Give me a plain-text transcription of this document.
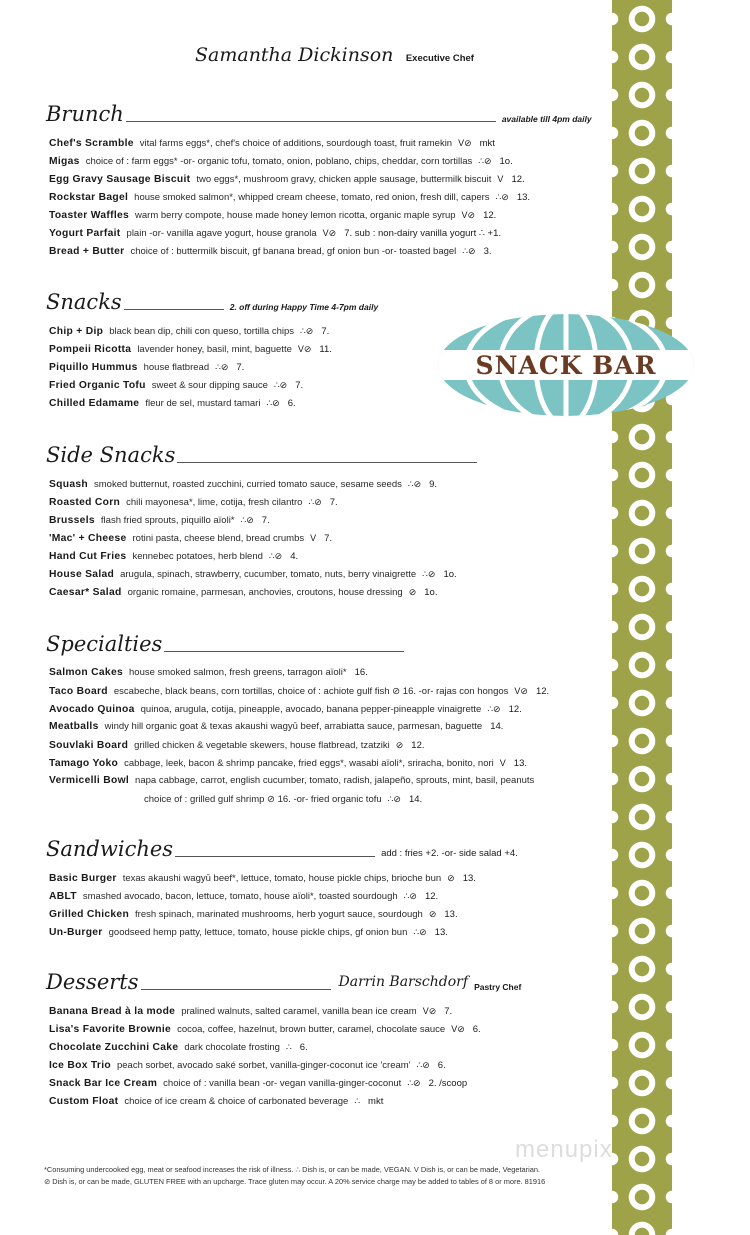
Samantha Dickinson Executive Chef
SNACK BAR
Brunch	available till 4pm daily
Chef's Scramble vital farms eggs*, chef's choice of additions, sourdough toast, fruit ramekin V⊘ mkt
Migas choice of : farm eggs* -or- organic tofu, tomato, onion, poblano, chips, cheddar, corn tortillas ∴⊘ 1o.
Egg Gravy Sausage Biscuit two eggs*, mushroom gravy, chicken apple sausage, buttermilk biscuit V 12.
Rockstar Bagel house smoked salmon*, whipped cream cheese, tomato, red onion, fresh dill, capers ∴⊘ 13.
Toaster Waffles warm berry compote, house made honey lemon ricotta, organic maple syrup V⊘ 12.
Yogurt Parfait plain -or- vanilla agave yogurt, house granola V⊘ 7. sub : non-dairy vanilla yogurt ∴ +1.
Bread + Butter choice of : buttermilk biscuit, gf banana bread, gf onion bun -or- toasted bagel ∴⊘ 3.
Snacks	2. off during Happy Time 4-7pm daily
Chip + Dip black bean dip, chili con queso, tortilla chips ∴⊘ 7.
Pompeii Ricotta lavender honey, basil, mint, baguette V⊘ 11.
Piquillo Hummus house flatbread ∴⊘ 7.
Fried Organic Tofu sweet & sour dipping sauce ∴⊘ 7.
Chilled Edamame fleur de sel, mustard tamari ∴⊘ 6.
Side Snacks
Squash smoked butternut, roasted zucchini, curried tomato sauce, sesame seeds ∴⊘ 9.
Roasted Corn chili mayonesa*, lime, cotija, fresh cilantro ∴⊘ 7.
Brussels flash fried sprouts, piquillo aïoli* ∴⊘ 7.
'Mac' + Cheese rotini pasta, cheese blend, bread crumbs V 7.
Hand Cut Fries kennebec potatoes, herb blend ∴⊘ 4.
House Salad arugula, spinach, strawberry, cucumber, tomato, nuts, berry vinaigrette ∴⊘ 1o.
Caesar* Salad organic romaine, parmesan, anchovies, croutons, house dressing ⊘ 1o.
Specialties
Salmon Cakes house smoked salmon, fresh greens, tarragon aïoli* 16.
Taco Board escabeche, black beans, corn tortillas, choice of : achiote gulf fish ⊘ 16. -or- rajas con hongos V⊘ 12.
Avocado Quinoa quinoa, arugula, cotija, pineapple, avocado, banana pepper-pineapple vinaigrette ∴⊘ 12.
Meatballs windy hill organic goat & texas akaushi wagyū beef, arrabiatta sauce, parmesan, baguette 14.
Souvlaki Board grilled chicken & vegetable skewers, house flatbread, tzatziki ⊘ 12.
Tamago Yoko cabbage, leek, bacon & shrimp pancake, fried eggs*, wasabi aïoli*, sriracha, bonito, nori V 13.
Vermicelli Bowl napa cabbage, carrot, english cucumber, tomato, radish, jalapeño, sprouts, mint, basil, peanuts
choice of : grilled gulf shrimp ⊘ 16. -or- fried organic tofu ∴⊘ 14.
Sandwiches	add : fries +2. -or- side salad +4.
Basic Burger texas akaushi wagyū beef*, lettuce, tomato, house pickle chips, brioche bun ⊘ 13.
ABLT smashed avocado, bacon, lettuce, tomato, house aïoli*, toasted sourdough ∴⊘ 12.
Grilled Chicken fresh spinach, marinated mushrooms, herb yogurt sauce, sourdough ⊘ 13.
Un-Burger goodseed hemp patty, lettuce, tomato, house pickle chips, gf onion bun ∴⊘ 13.
Desserts	Darrin Barschdorf Pastry Chef
Banana Bread à la mode pralined walnuts, salted caramel, vanilla bean ice cream V⊘ 7.
Lisa's Favorite Brownie cocoa, coffee, hazelnut, brown butter, caramel, chocolate sauce V⊘ 6.
Chocolate Zucchini Cake dark chocolate frosting ∴ 6.
Ice Box Trio peach sorbet, avocado saké sorbet, vanilla-ginger-coconut ice 'cream' ∴⊘ 6.
Snack Bar Ice Cream choice of : vanilla bean -or- vegan vanilla-ginger-coconut ∴⊘ 2. /scoop
Custom Float choice of ice cream & choice of carbonated beverage ∴ mkt
*Consuming undercooked egg, meat or seafood increases the risk of illness. ∴ Dish is, or can be made, VEGAN. V Dish is, or can be made, Vegetarian.
⊘ Dish is, or can be made, GLUTEN FREE with an upcharge. Trace gluten may occur. A 20% service charge may be added to tables of 8 or more. 81916
menupix
